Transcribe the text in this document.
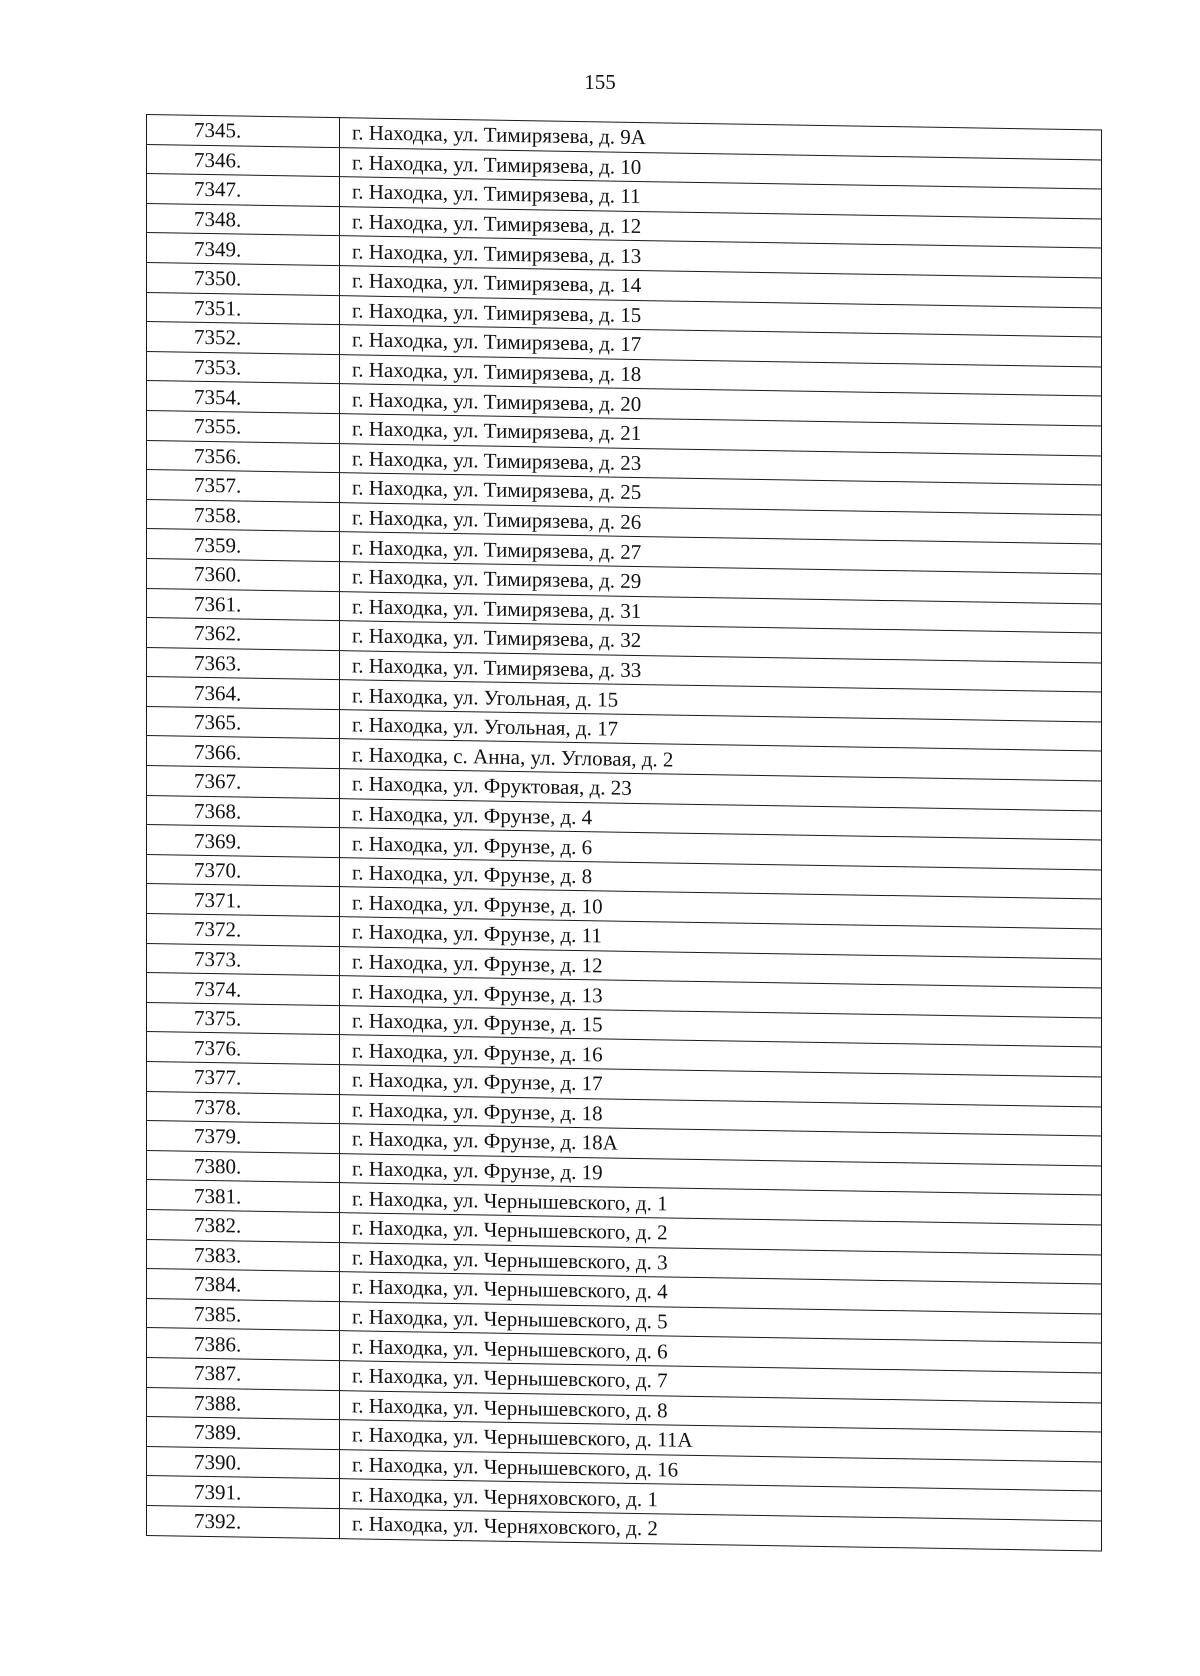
155
7345.	г. Находка, ул. Тимирязева, д. 9А
7346.	г. Находка, ул. Тимирязева, д. 10
7347.	г. Находка, ул. Тимирязева, д. 11
7348.	г. Находка, ул. Тимирязева, д. 12
7349.	г. Находка, ул. Тимирязева, д. 13
7350.	г. Находка, ул. Тимирязева, д. 14
7351.	г. Находка, ул. Тимирязева, д. 15
7352.	г. Находка, ул. Тимирязева, д. 17
7353.	г. Находка, ул. Тимирязева, д. 18
7354.	г. Находка, ул. Тимирязева, д. 20
7355.	г. Находка, ул. Тимирязева, д. 21
7356.	г. Находка, ул. Тимирязева, д. 23
7357.	г. Находка, ул. Тимирязева, д. 25
7358.	г. Находка, ул. Тимирязева, д. 26
7359.	г. Находка, ул. Тимирязева, д. 27
7360.	г. Находка, ул. Тимирязева, д. 29
7361.	г. Находка, ул. Тимирязева, д. 31
7362.	г. Находка, ул. Тимирязева, д. 32
7363.	г. Находка, ул. Тимирязева, д. 33
7364.	г. Находка, ул. Угольная, д. 15
7365.	г. Находка, ул. Угольная, д. 17
7366.	г. Находка, с. Анна, ул. Угловая, д. 2
7367.	г. Находка, ул. Фруктовая, д. 23
7368.	г. Находка, ул. Фрунзе, д. 4
7369.	г. Находка, ул. Фрунзе, д. 6
7370.	г. Находка, ул. Фрунзе, д. 8
7371.	г. Находка, ул. Фрунзе, д. 10
7372.	г. Находка, ул. Фрунзе, д. 11
7373.	г. Находка, ул. Фрунзе, д. 12
7374.	г. Находка, ул. Фрунзе, д. 13
7375.	г. Находка, ул. Фрунзе, д. 15
7376.	г. Находка, ул. Фрунзе, д. 16
7377.	г. Находка, ул. Фрунзе, д. 17
7378.	г. Находка, ул. Фрунзе, д. 18
7379.	г. Находка, ул. Фрунзе, д. 18А
7380.	г. Находка, ул. Фрунзе, д. 19
7381.	г. Находка, ул. Чернышевского, д. 1
7382.	г. Находка, ул. Чернышевского, д. 2
7383.	г. Находка, ул. Чернышевского, д. 3
7384.	г. Находка, ул. Чернышевского, д. 4
7385.	г. Находка, ул. Чернышевского, д. 5
7386.	г. Находка, ул. Чернышевского, д. 6
7387.	г. Находка, ул. Чернышевского, д. 7
7388.	г. Находка, ул. Чернышевского, д. 8
7389.	г. Находка, ул. Чернышевского, д. 11А
7390.	г. Находка, ул. Чернышевского, д. 16
7391.	г. Находка, ул. Черняховского, д. 1
7392.	г. Находка, ул. Черняховского, д. 2
